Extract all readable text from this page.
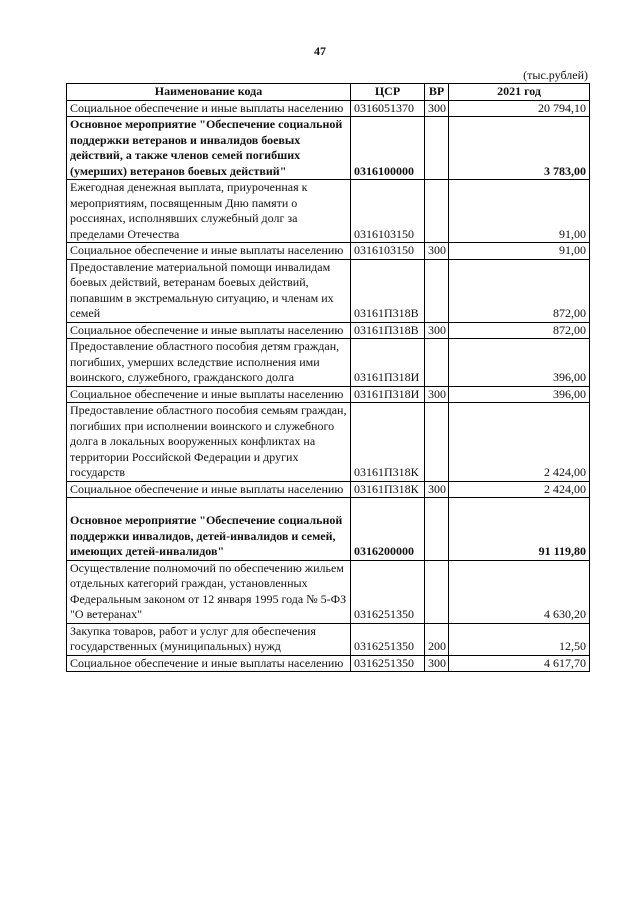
47
(тыс.рублей)
Наименование кода	ЦСР	ВР	2021 год
Социальное обеспечение и иные выплаты населению	0316051370	300	20 794,10
Основное мероприятие "Обеспечение социальной поддержки ветеранов и инвалидов боевых действий, а также членов семей погибших (умерших) ветеранов боевых действий"	0316100000		3 783,00
Ежегодная денежная выплата, приуроченная к мероприятиям, посвященным Дню памяти о россиянах, исполнявших служебный долг за пределами Отечества	0316103150		91,00
Социальное обеспечение и иные выплаты населению	0316103150	300	91,00
Предоставление материальной помощи инвалидам боевых действий, ветеранам боевых действий, попавшим в экстремальную ситуацию, и членам их семей	03161П318В		872,00
Социальное обеспечение и иные выплаты населению	03161П318В	300	872,00
Предоставление областного пособия детям граждан, погибших, умерших вследствие исполнения ими воинского, служебного, гражданского долга	03161П318И		396,00
Социальное обеспечение и иные выплаты населению	03161П318И	300	396,00
Предоставление областного пособия семьям граждан, погибших при исполнении воинского и служебного долга в локальных вооруженных конфликтах на территории Российской Федерации и других государств	03161П318К		2 424,00
Социальное обеспечение и иные выплаты населению	03161П318К	300	2 424,00

Основное мероприятие "Обеспечение социальной поддержки инвалидов, детей-инвалидов и семей, имеющих детей-инвалидов"	0316200000		91 119,80
Осуществление полномочий по обеспечению жильем отдельных категорий граждан, установленных Федеральным законом от 12 января 1995 года № 5-ФЗ "О ветеранах"	0316251350		4 630,20
Закупка товаров, работ и услуг для обеспечения государственных (муниципальных) нужд	0316251350	200	12,50
Социальное обеспечение и иные выплаты населению	0316251350	300	4 617,70
